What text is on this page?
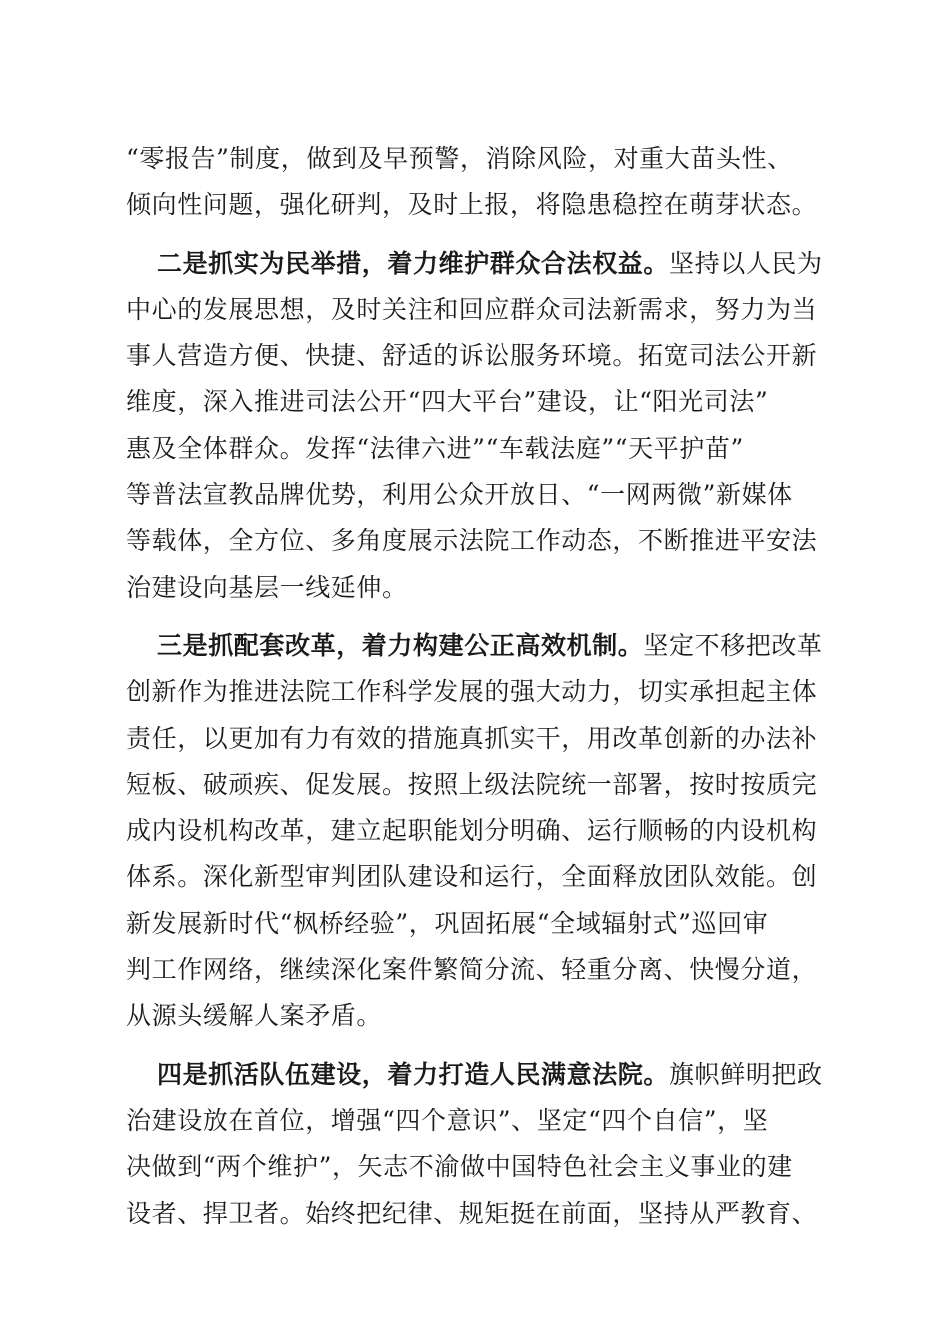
“零报告”制度，做到及早预警，消除风险，对重大苗头性、
倾向性问题，强化研判，及时上报，将隐患稳控在萌芽状态。
二是抓实为民举措，着力维护群众合法权益。坚持以人民为
中心的发展思想，及时关注和回应群众司法新需求，努力为当
事人营造方便、快捷、舒适的诉讼服务环境。拓宽司法公开新
维度，深入推进司法公开“四大平台”建设，让“阳光司法”
惠及全体群众。发挥“法律六进”“车载法庭”“天平护苗”
等普法宣教品牌优势，利用公众开放日、“一网两微”新媒体
等载体，全方位、多角度展示法院工作动态，不断推进平安法
治建设向基层一线延伸。
三是抓配套改革，着力构建公正高效机制。坚定不移把改革
创新作为推进法院工作科学发展的强大动力，切实承担起主体
责任，以更加有力有效的措施真抓实干，用改革创新的办法补
短板、破顽疾、促发展。按照上级法院统一部署，按时按质完
成内设机构改革，建立起职能划分明确、运行顺畅的内设机构
体系。深化新型审判团队建设和运行，全面释放团队效能。创
新发展新时代“枫桥经验”，巩固拓展“全域辐射式”巡回审
判工作网络，继续深化案件繁简分流、轻重分离、快慢分道，
从源头缓解人案矛盾。
四是抓活队伍建设，着力打造人民满意法院。旗帜鲜明把政
治建设放在首位，增强“四个意识”、坚定“四个自信”，坚
决做到“两个维护”，矢志不渝做中国特色社会主义事业的建
设者、捍卫者。始终把纪律、规矩挺在前面，坚持从严教育、
